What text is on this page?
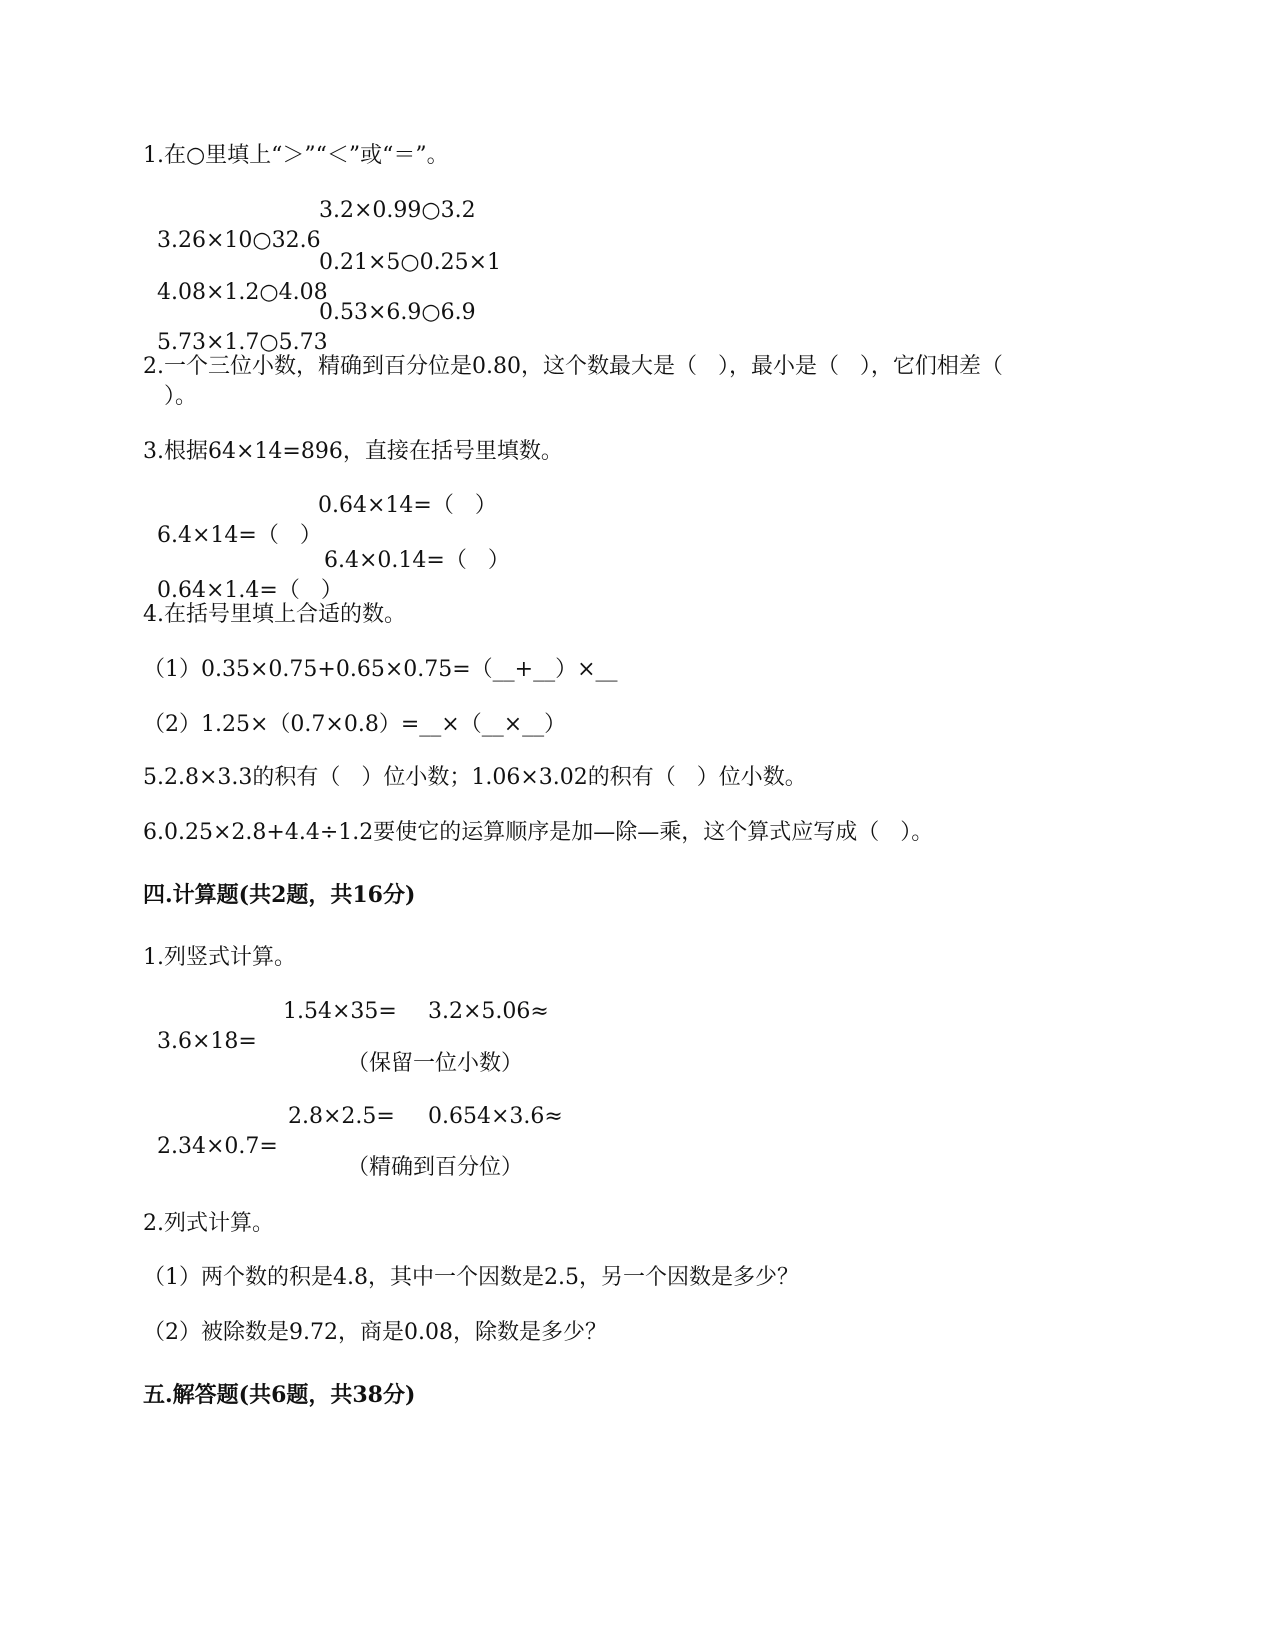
1.在○里填上“＞”“＜”或“＝”。

3.26×10○32.6

3.2×0.99○3.2

4.08×1.2○4.08

0.21×5○0.25×1

5.73×1.7○5.73

0.53×6.9○6.9

2.一个三位小数，精确到百分位是0.80，这个数最大是（   ），最小是（   ），它们相差（
）。
3.根据64×14=896，直接在括号里填数。

6.4×14=（   ）

0.64×14=（   ）

0.64×1.4=（   ）

6.4×0.14=（   ）

4.在括号里填上合适的数。
（1）0.35×0.75+0.65×0.75=（__+__）×__
（2）1.25×（0.7×0.8）=__×（__×__）
5.2.8×3.3的积有（   ）位小数；1.06×3.02的积有（   ）位小数。
6.0.25×2.8+4.4÷1.2要使它的运算顺序是加—除—乘，这个算式应写成（   ）。
四.计算题(共2题，共16分)
1.列竖式计算。

3.6×18=

1.54×35=

3.2×5.06≈

（保留一位小数）

2.34×0.7=

2.8×2.5=

0.654×3.6≈

（精确到百分位）
2.列式计算。
（1）两个数的积是4.8，其中一个因数是2.5，另一个因数是多少？
（2）被除数是9.72，商是0.08，除数是多少？
五.解答题(共6题，共38分)
